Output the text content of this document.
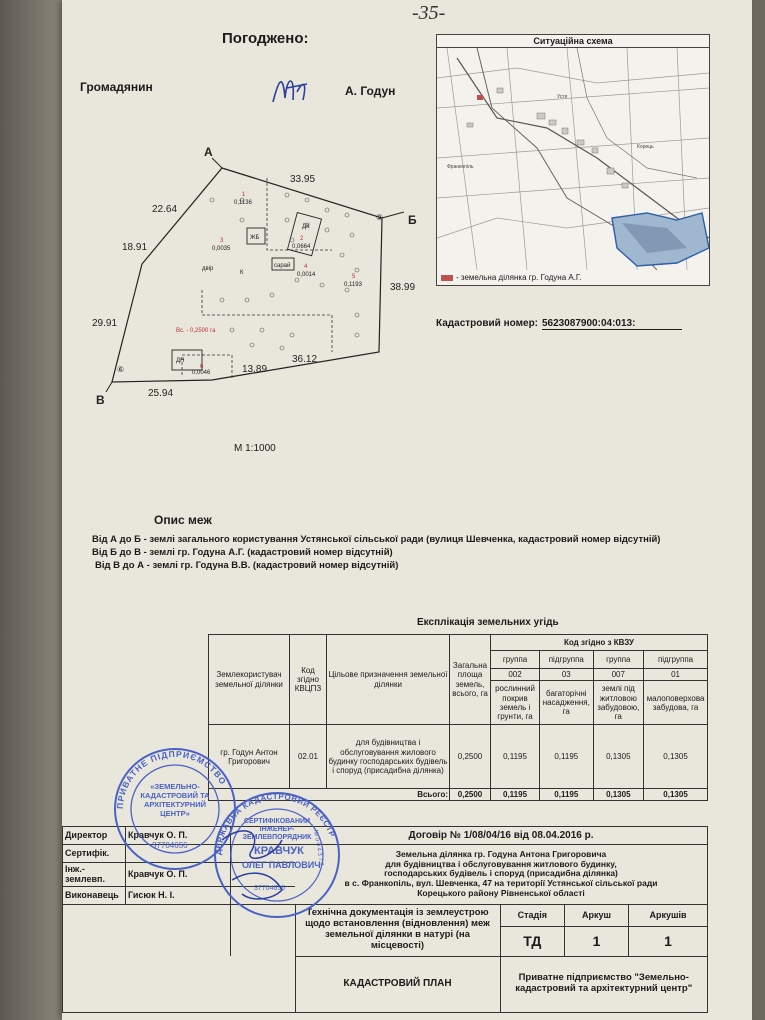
-35-
Погоджено:
Громадянин	А. Годун
Ситуаційна схема
Франкопіль
Устя
Корець
- земельна ділянка гр. Годуна А.Г.
Кадастровий номер: 5623087900:04:013:
33.95
22.64
18.91
29.91
25.94
13.89
36.12
38.99
②
⑥
1
0,1136
2
0,0664
3
0,0035
4
0,0014	5
0,1193
6
0,0046
ЖБ
ДК
двір	сарай
К
ДН
Вс. - 0,2500 га
А
Б
В
М 1:1000
Опис меж
Від А до Б - землі загального користування Устянської сільської ради (вулиця Шевченка, кадастровий номер відсутній)
Від Б до В - землі гр. Годуна А.Г. (кадастровий номер відсутній)
Від В до А - землі гр. Годуна В.В. (кадастровий номер відсутній)
Експлікація земельних угідь
Землекористувач земельної ділянки	Код згідно КВЦПЗ	Цільове призначення земельної ділянки	Загальна площа земель, всього, га	Код згідно з КВЗУ			
				группа	підгруппа	группа	підгруппа
				002	03	007	01
				рослинний покрив земель і грунти, га	багаторічні насадження, га	землі під житловою забудовою, га	малоповерхова забудова, га
гр. Годун Антон Григорович	02.01	для будівництва і обслуговування жилового будинку господарських будівель і споруд (присадибна ділянка)	0,2500	0,1195	0,1195	0,1305	0,1305
Всього:			0,2500	0,1195	0,1195	0,1305	0,1305
Директор	Кравчук О. П.		Договір № 1/08/04/16 від 08.04.2016 р.			
Сертифік.			Земельна ділянка гр. Годуна Антона Григоровича
для будівництва і обслуговування житлового будинку,
господарських будівель і споруд (присадибна ділянка)
в с. Франкопіль, вул. Шевченка, 47 на території Устянської сільської ради
Корецького району Рівненської області			

Інж.-землевп.	Кравчук О. П.					
Виконавець	Гисюк Н. І.					
			Технічна документація із землеустрою щодо встановлення (відновлення) меж земельної ділянки в натурі (на місцевості)	Стадія	Аркуш	Аркушів
				ТД	1	1
			КАДАСТРОВИЙ ПЛАН	Приватне підприємство "Земельно-кадастровий та архітектурний центр"		
ПРИВАТНЕ ПІДПРИЄМСТВО
«ЗЕМЕЛЬНО-КАДАСТРОВИЙ ТА АРХІТЕКТУРНИЙ ЦЕНТР»
37704656
ДЕРЖАВНА КАДАСТРОВИЙ РЕЄСТР
СЕРТИФІКОВАНИЙ ІНЖЕНЕР-ЗЕМЛЕВПОРЯДНИК
КРАВЧУК
ОЛЕГ ПАВЛОВИЧ
37704656
№ 0 0 4 3 7 4
